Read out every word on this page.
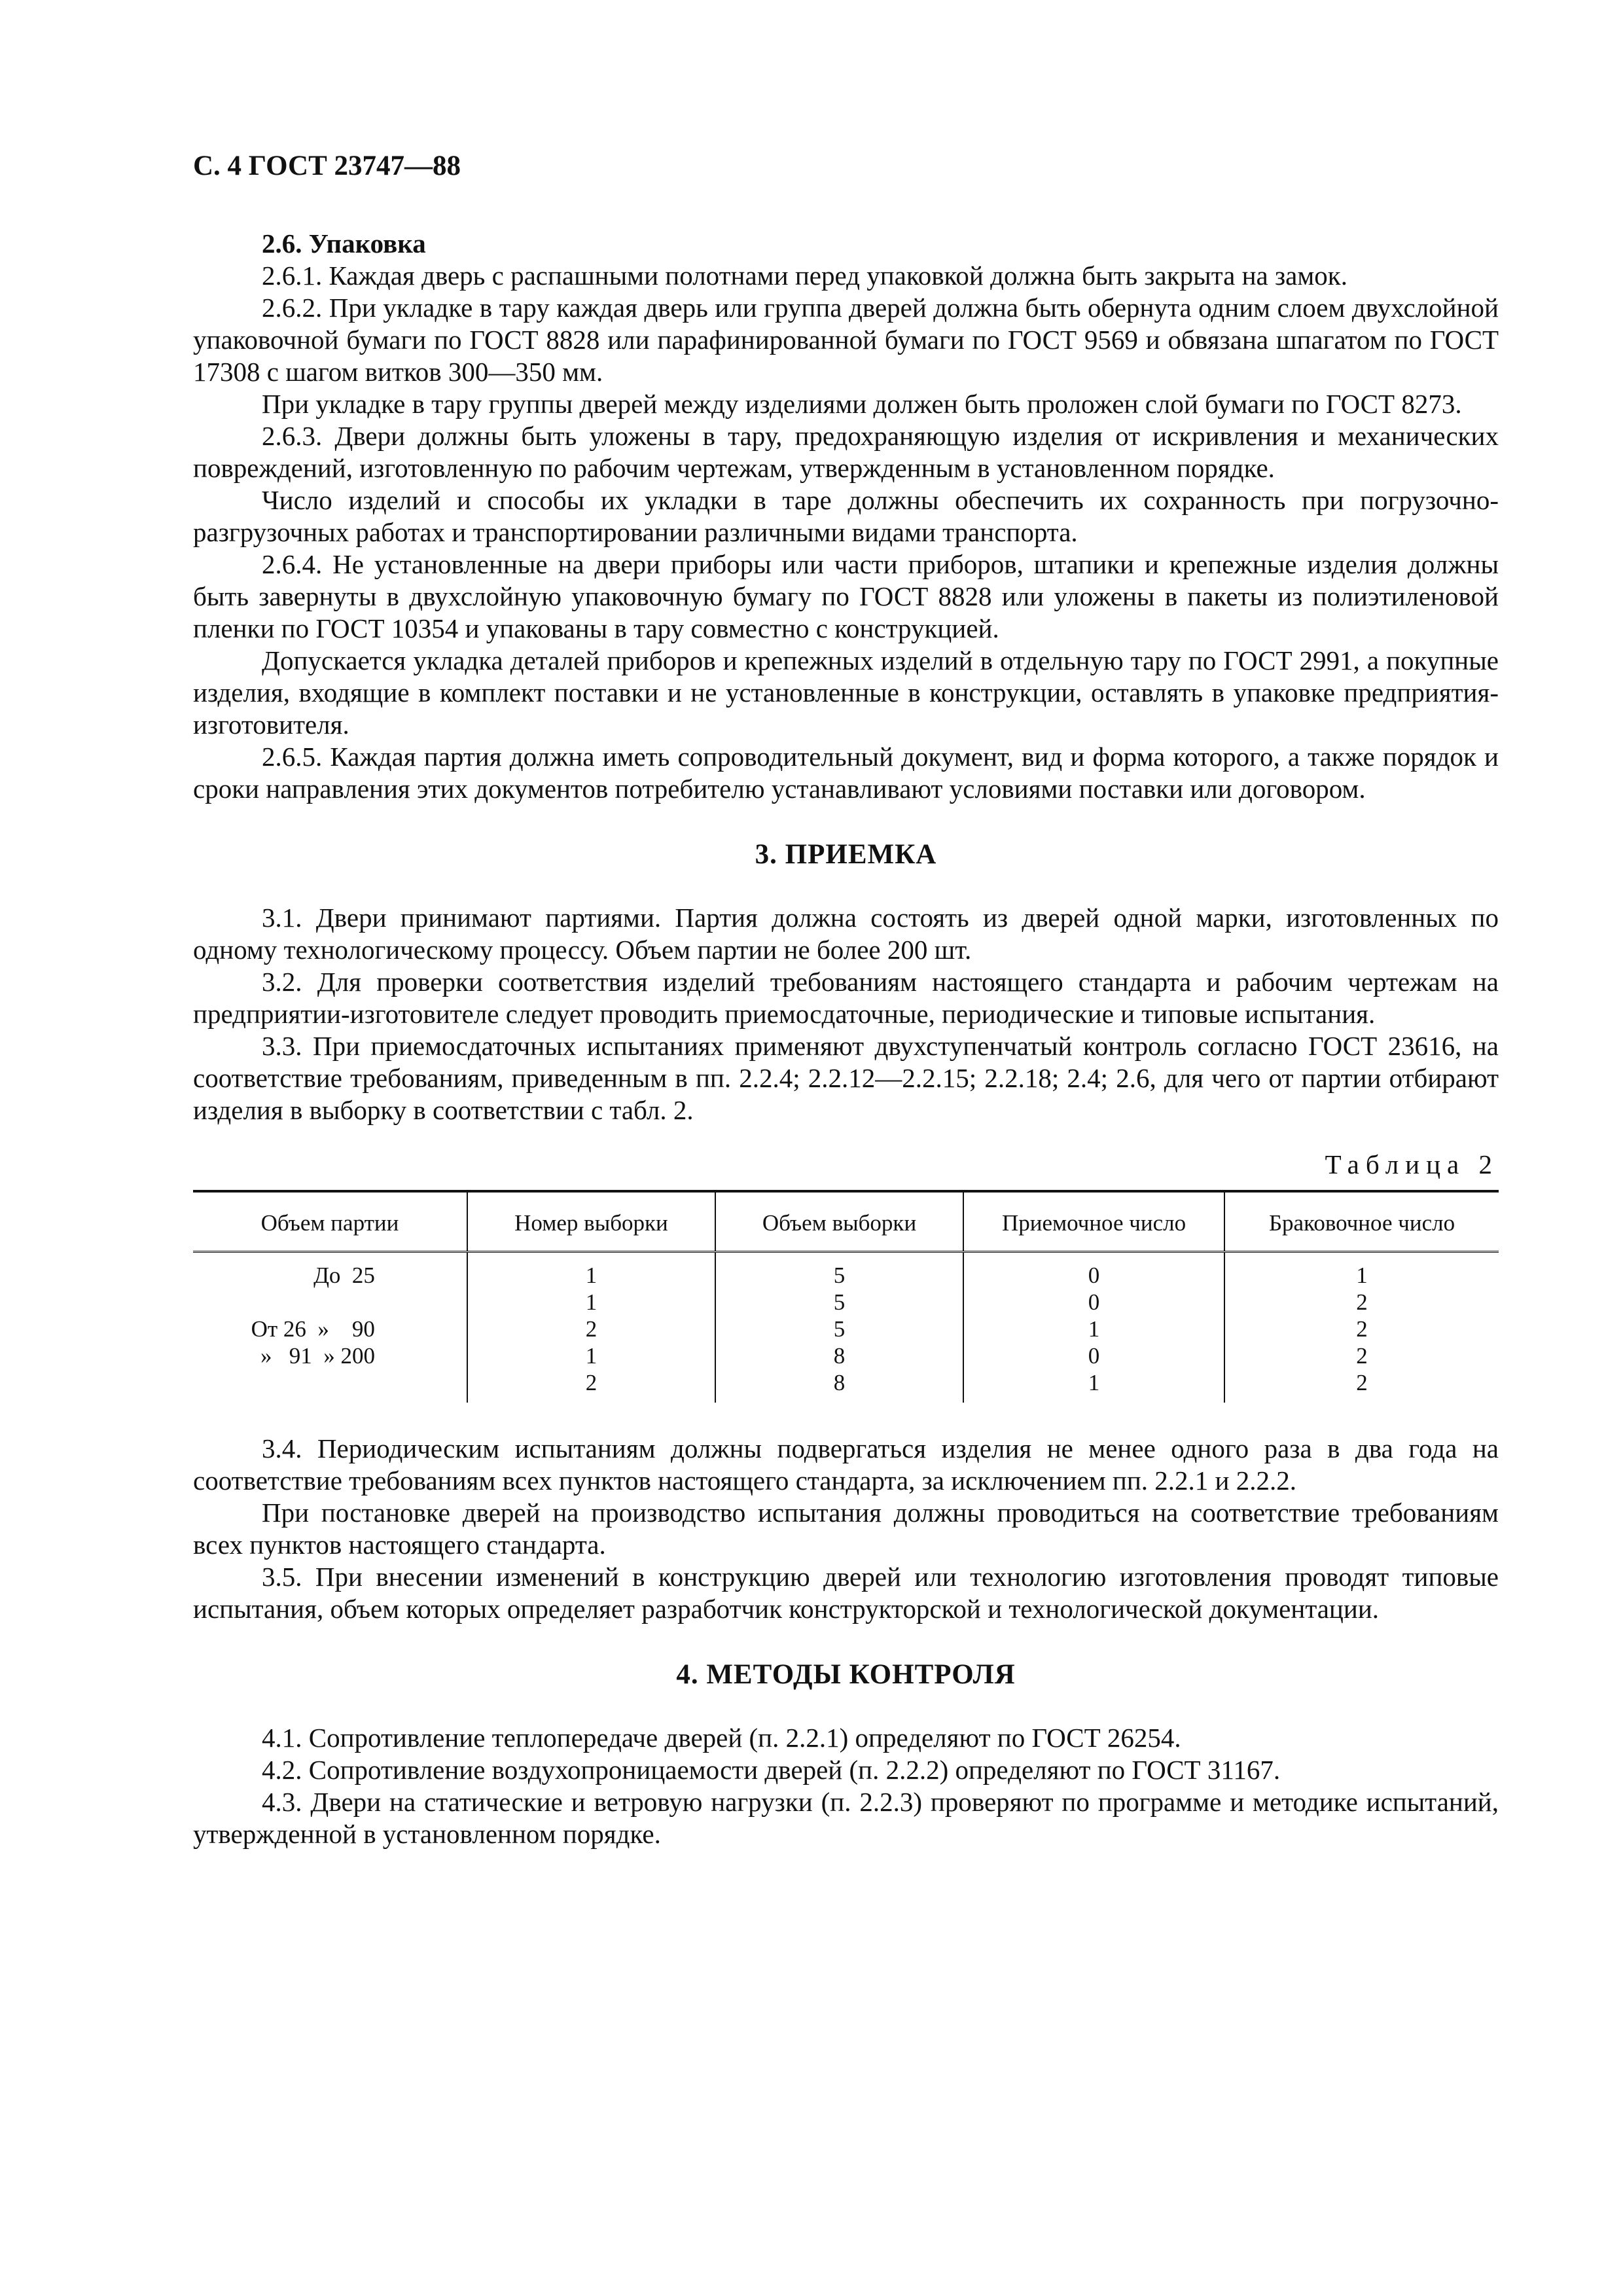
С. 4 ГОСТ 23747—88
2.6. Упаковка

2.6.1. Каждая дверь с распашными полотнами перед упаковкой должна быть закрыта на замок.

2.6.2. При укладке в тару каждая дверь или группа дверей должна быть обернута одним слоем двухслойной упаковочной бумаги по ГОСТ 8828 или парафинированной бумаги по ГОСТ 9569 и обвязана шпагатом по ГОСТ 17308 с шагом витков 300—350 мм.

При укладке в тару группы дверей между изделиями должен быть проложен слой бумаги по ГОСТ 8273.

2.6.3. Двери должны быть уложены в тару, предохраняющую изделия от искривления и механических повреждений, изготовленную по рабочим чертежам, утвержденным в установленном порядке.

Число изделий и способы их укладки в таре должны обеспечить их сохранность при погрузочно-разгрузочных работах и транспортировании различными видами транспорта.

2.6.4. Не установленные на двери приборы или части приборов, штапики и крепежные изделия должны быть завернуты в двухслойную упаковочную бумагу по ГОСТ 8828 или уложены в пакеты из полиэтиленовой пленки по ГОСТ 10354 и упакованы в тару совместно с конструкцией.

Допускается укладка деталей приборов и крепежных изделий в отдельную тару по ГОСТ 2991, а покупные изделия, входящие в комплект поставки и не установленные в конструкции, оставлять в упаковке предприятия-изготовителя.

2.6.5. Каждая партия должна иметь сопроводительный документ, вид и форма которого, а также порядок и сроки направления этих документов потребителю устанавливают условиями поставки или договором.

3. ПРИЕМКА

3.1. Двери принимают партиями. Партия должна состоять из дверей одной марки, изготовленных по одному технологическому процессу. Объем партии не более 200 шт.

3.2. Для проверки соответствия изделий требованиям настоящего стандарта и рабочим чертежам на предприятии-изготовителе следует проводить приемосдаточные, периодические и типовые испытания.

3.3. При приемосдаточных испытаниях применяют двухступенчатый контроль согласно ГОСТ 23616, на соответствие требованиям, приведенным в пп. 2.2.4; 2.2.12—2.2.15; 2.2.18; 2.4; 2.6, для чего от партии отбирают изделия в выборку в соответствии с табл. 2.

Таблица 2
Объем партии	Номер выборки	Объем выборки	Приемочное число	Браковочное число
До  25	1	5	0	1
	1	5	0	2
От 26  »    90	2	5	1	2
»   91  » 200	1	8	0	2
	2	8	1	2

3.4. Периодическим испытаниям должны подвергаться изделия не менее одного раза в два года на соответствие требованиям всех пунктов настоящего стандарта, за исключением пп. 2.2.1 и 2.2.2.

При постановке дверей на производство испытания должны проводиться на соответствие требованиям всех пунктов настоящего стандарта.

3.5. При внесении изменений в конструкцию дверей или технологию изготовления проводят типовые испытания, объем которых определяет разработчик конструкторской и технологической документации.

4. МЕТОДЫ КОНТРОЛЯ

4.1. Сопротивление теплопередаче дверей (п. 2.2.1) определяют по ГОСТ 26254.

4.2. Сопротивление воздухопроницаемости дверей (п. 2.2.2) определяют по ГОСТ 31167.

4.3. Двери на статические и ветровую нагрузки (п. 2.2.3) проверяют по программе и методике испытаний, утвержденной в установленном порядке.
